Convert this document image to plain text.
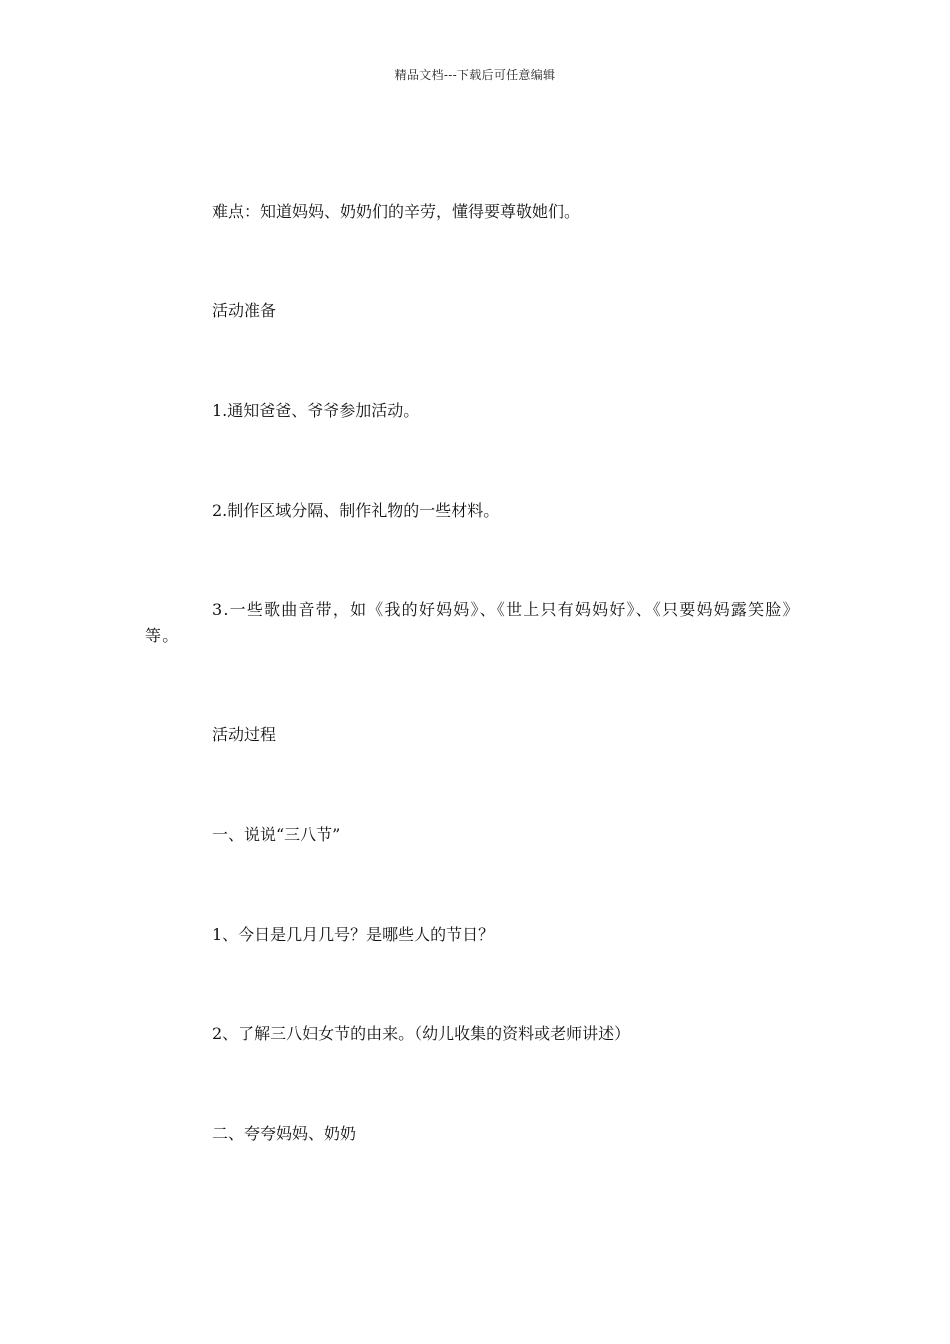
精品文档---下载后可任意编辑

难点：知道妈妈、奶奶们的辛劳，懂得要尊敬她们。

活动准备

1.通知爸爸、爷爷参加活动。

2.制作区域分隔、制作礼物的一些材料。

3.一些歌曲音带，如《我的好妈妈》、《世上只有妈妈好》、《只要妈妈露笑脸》等。

活动过程

一、说说“三八节”

1、今日是几月几号？是哪些人的节日？

2、了解三八妇女节的由来。（幼儿收集的资料或老师讲述）

二、夸夸妈妈、奶奶
